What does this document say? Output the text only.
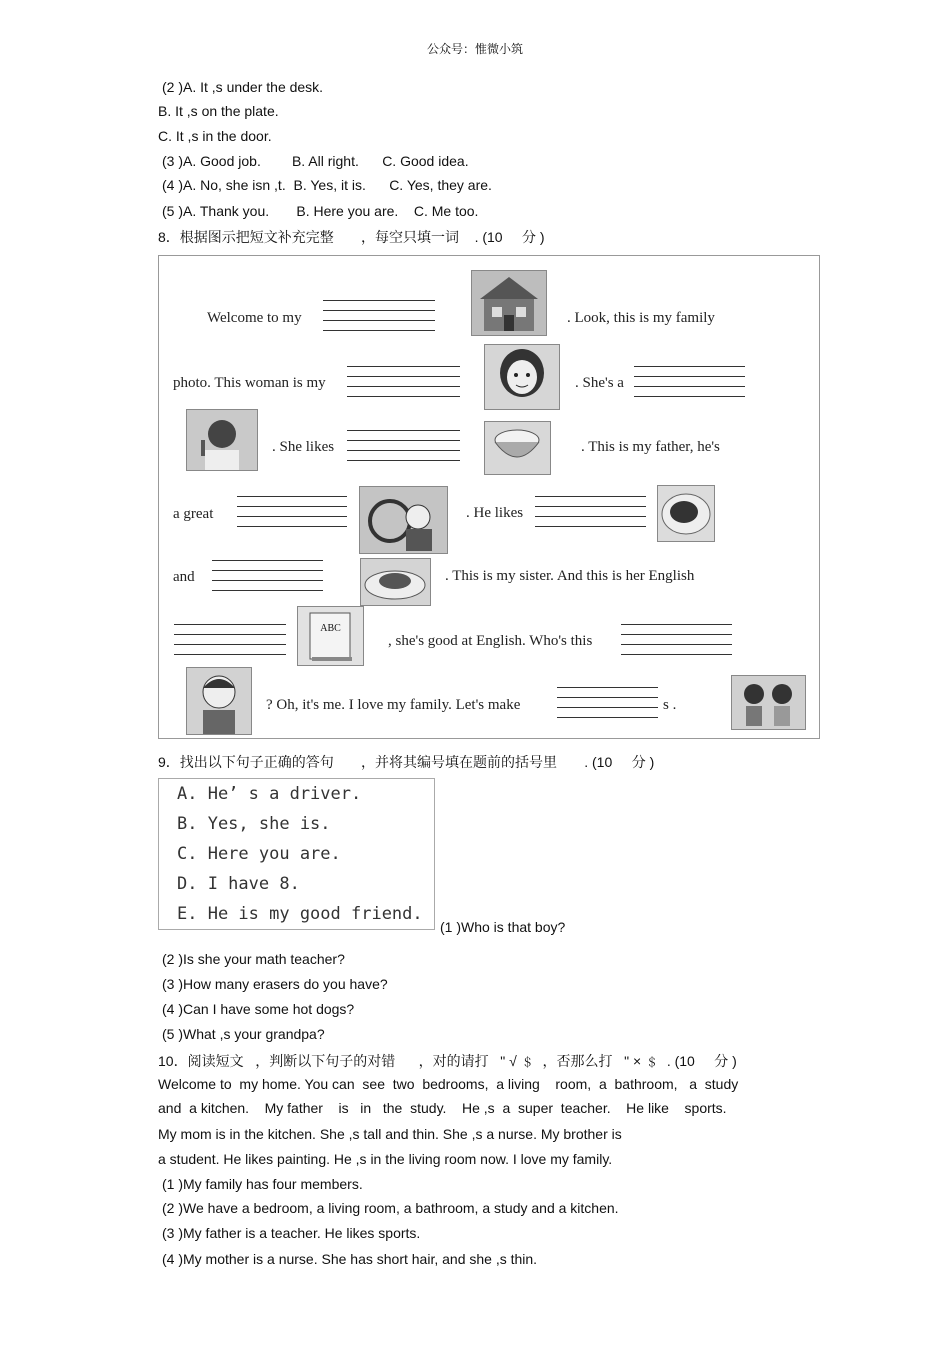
公众号：惟微小筑
(2 )A. It ,s under the desk.
B. It ,s on the plate.
C. It ,s in the door.
(3 )A. Good job.        B. All right.      C. Good idea.
(4 )A. No, she isn ,t.  B. Yes, it is.      C. Yes, they are.
(5 )A. Thank you.       B. Here you are.    C. Me too.
8．根据图示把短文补充完整       ，每空只填一词    . (10     分 )
Welcome to my	. Look, this is my family
photo. This woman is my	. She's a
. She likes	. This is my father, he's
a great	. He likes
and	. This is my sister. And this is her English
ABC
, she's good at English. Who's this
? Oh, it's me. I love my family. Let's make	s .
9．找出以下句子正确的答句       ，并将其编号填在题前的括号里       . (10     分 )
A. He’ s a driver.
B. Yes, she is.
C. Here you are.
D. I have 8.
E. He is my good friend.
(1 )Who is that boy?
(2 )Is she your math teacher?
(3 )How many erasers do you have?
(4 )Can I have some hot dogs?
(5 )What ,s your grandpa?
10．阅读短文   ，判断以下句子的对错      ，对的请打   " √ ﹩  ，否那么打   " × ﹩  . (10     分 )
Welcome to  my home. You can  see  two  bedrooms,  a living    room,  a  bathroom,   a  study
and  a kitchen.    My father    is   in   the  study.    He ,s  a  super  teacher.    He like    sports.
My mom is in the kitchen. She ,s tall and thin. She ,s a nurse. My brother is
a student. He likes painting. He ,s in the living room now. I love my family.
(1 )My family has four members.
(2 )We have a bedroom, a living room, a bathroom, a study and a kitchen.
(3 )My father is a teacher. He likes sports.
(4 )My mother is a nurse. She has short hair, and she ,s thin.
